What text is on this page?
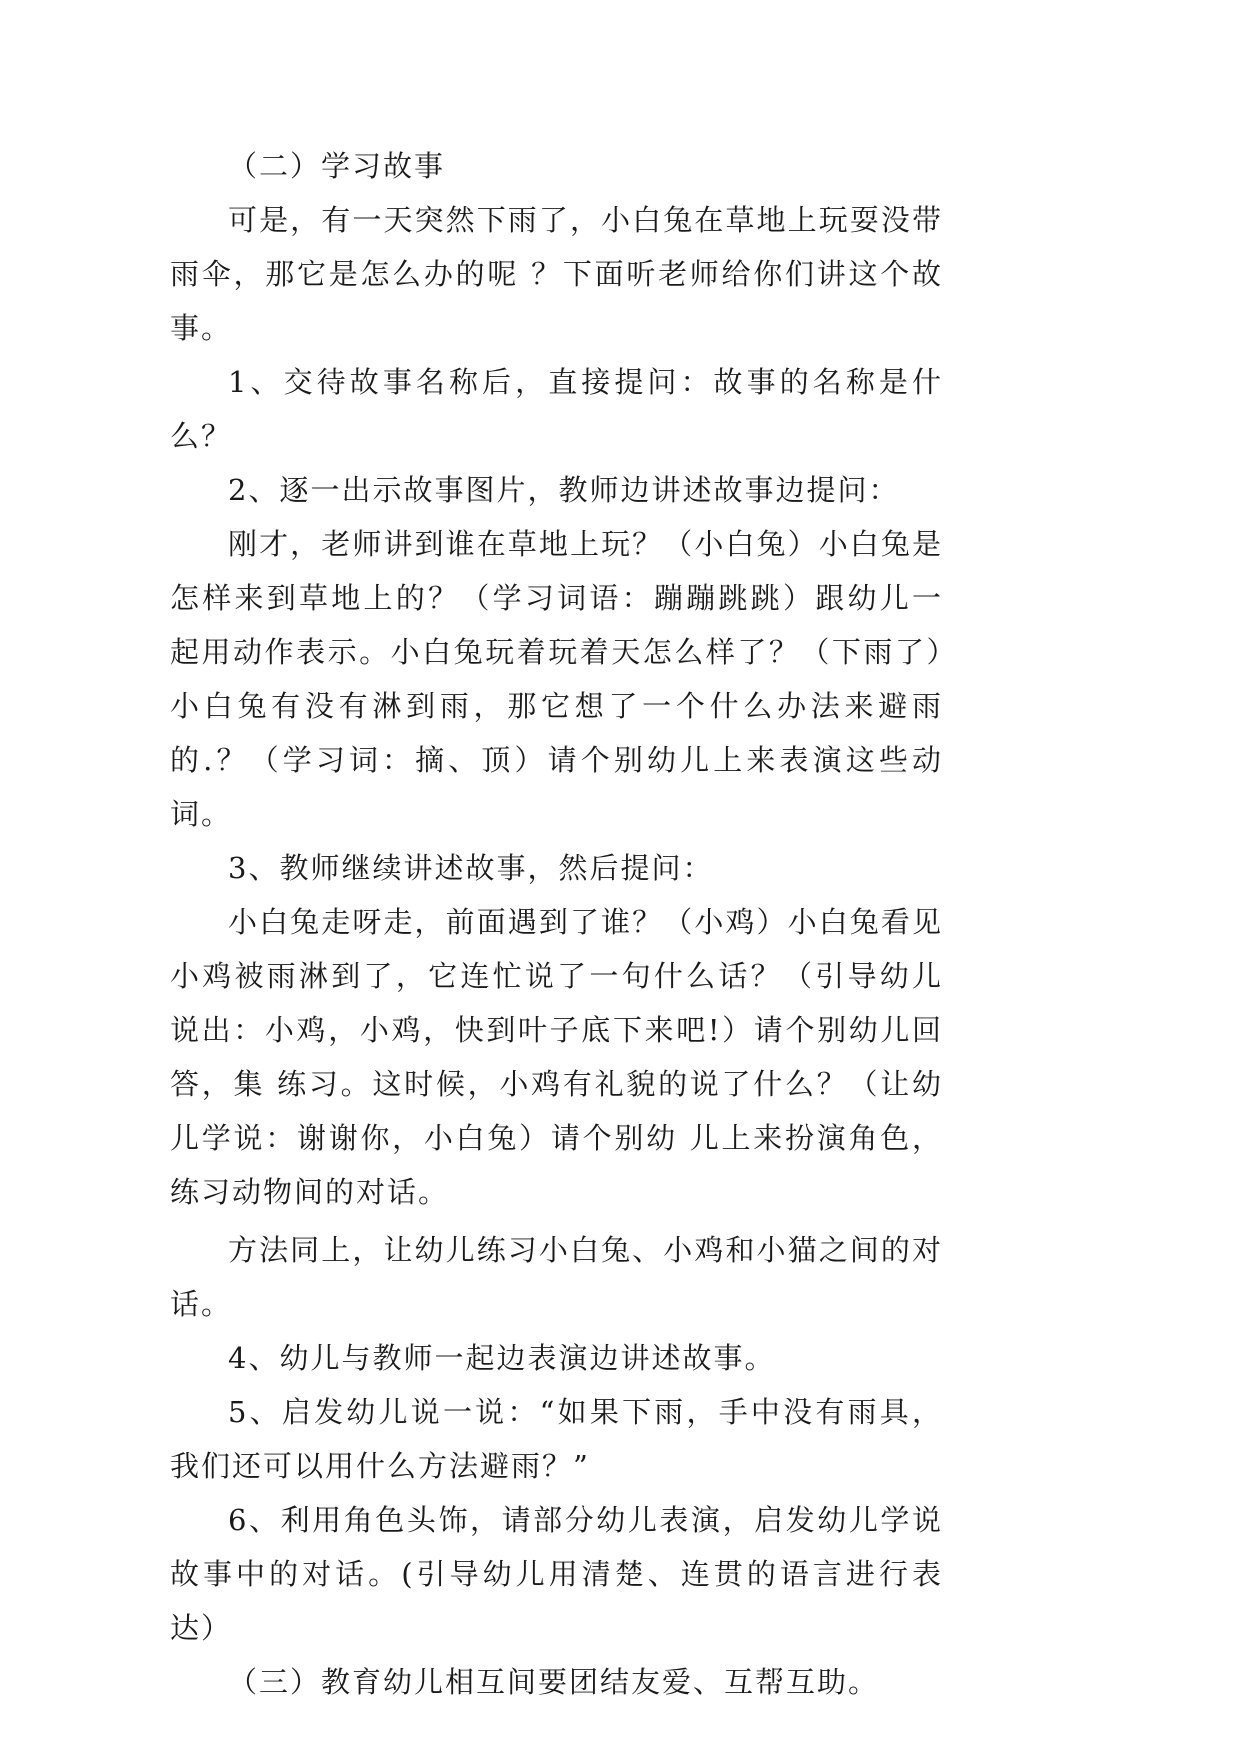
（二）学习故事

可是，有一天突然下雨了，小白兔在草地上玩耍没带雨伞，那它是怎么办的呢 ？下面听老师给你们讲这个故事。

1、交待故事名称后，直接提问：故事的名称是什么？

2、逐一出示故事图片，教师边讲述故事边提问：

刚才，老师讲到谁在草地上玩？（小白兔）小白兔是怎样来到草地上的？（学习词语：蹦蹦跳跳）跟幼儿一起用动作表示。小白兔玩着玩着天怎么样了？（下雨了）小白兔有没有淋到雨，那它想了一个什么办法来避雨的.？（学习词：摘、顶）请个别幼儿上来表演这些动词。

3、教师继续讲述故事，然后提问：

小白兔走呀走，前面遇到了谁？（小鸡）小白兔看见小鸡被雨淋到了，它连忙说了一句什么话？（引导幼儿说出：小鸡，小鸡，快到叶子底下来吧!）请个别幼儿回答，集 练习。这时候，小鸡有礼貌的说了什么？（让幼儿学说：谢谢你，小白兔）请个别幼 儿上来扮演角色，练习动物间的对话。

方法同上，让幼儿练习小白兔、小鸡和小猫之间的对话。

4、幼儿与教师一起边表演边讲述故事。

5、启发幼儿说一说：“如果下雨，手中没有雨具，我们还可以用什么方法避雨？”

6、利用角色头饰，请部分幼儿表演，启发幼儿学说故事中的对话。(引导幼儿用清楚、连贯的语言进行表达）

（三）教育幼儿相互间要团结友爱、互帮互助。
